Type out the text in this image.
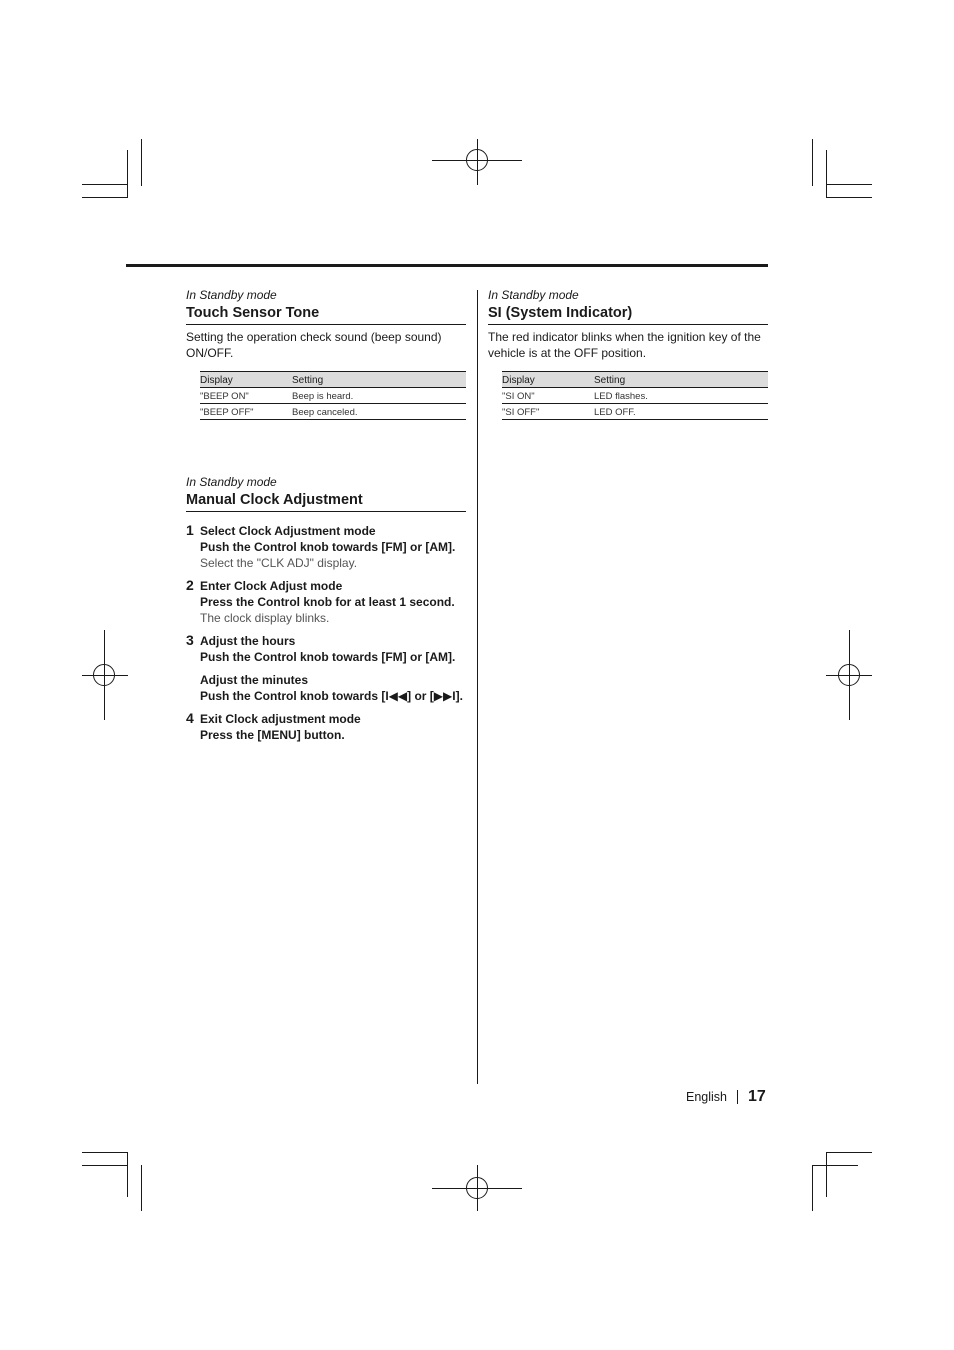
In Standby mode
Touch Sensor Tone
Setting the operation check sound (beep sound) ON/OFF.
Display	Setting
"BEEP ON"	Beep is heard.
"BEEP OFF"	Beep canceled.
In Standby mode
Manual Clock Adjustment
1 Select Clock Adjustment mode
Push the Control knob towards [FM] or [AM].
Select the "CLK ADJ" display.
2 Enter Clock Adjust mode
Press the Control knob for at least 1 second.
The clock display blinks.
3 Adjust the hours
Push the Control knob towards [FM] or [AM].
Adjust the minutes
Push the Control knob towards [I◀◀] or [▶▶I].
4 Exit Clock adjustment mode
Press the [MENU] button.
In Standby mode
SI (System Indicator)
The red indicator blinks when the ignition key of the vehicle is at the OFF position.
Display	Setting
"SI ON"	LED flashes.
"SI OFF"	LED OFF.
English 17
